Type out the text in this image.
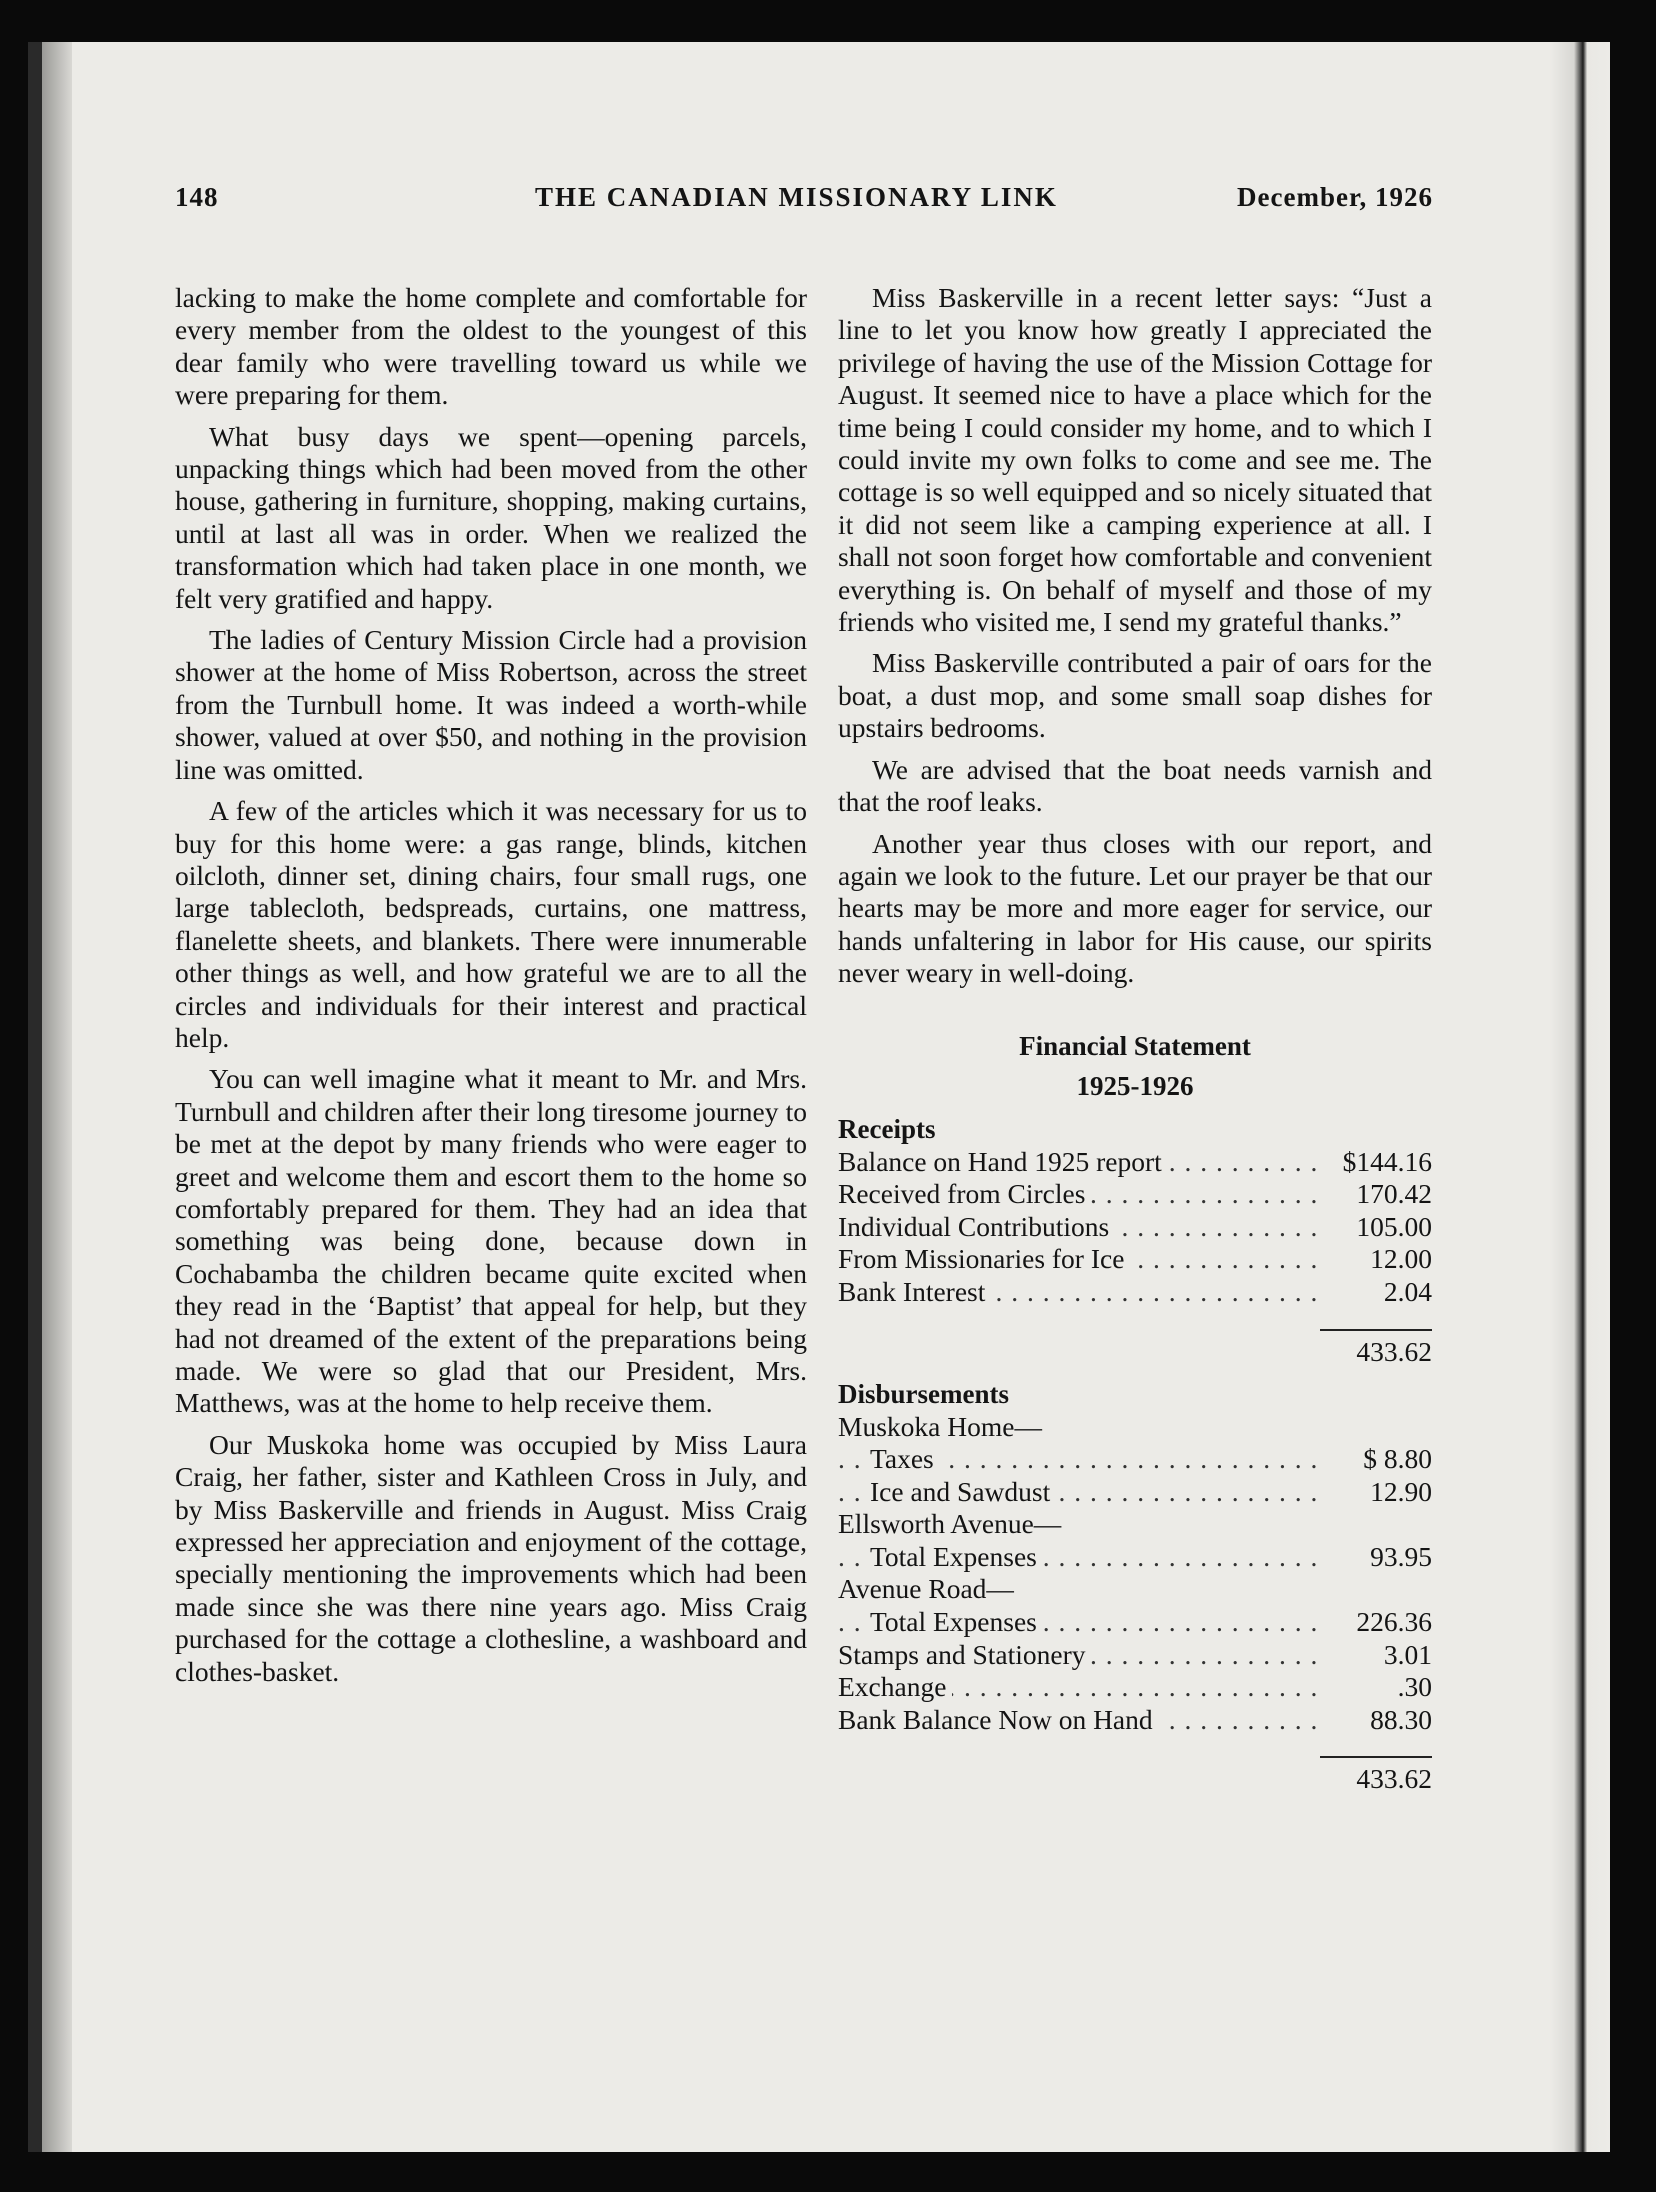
148	THE CANADIAN MISSIONARY LINK	December, 1926

lacking to make the home complete and comfortable for every member from the oldest to the youngest of this dear family who were travelling toward us while we were preparing for them.

What busy days we spent—opening parcels, unpacking things which had been moved from the other house, gathering in furniture, shopping, making curtains, until at last all was in order. When we realized the transformation which had taken place in one month, we felt very gratified and happy.

The ladies of Century Mission Circle had a provision shower at the home of Miss Robertson, across the street from the Turnbull home. It was indeed a worth-while shower, valued at over $50, and nothing in the provision line was omitted.

A few of the articles which it was necessary for us to buy for this home were: a gas range, blinds, kitchen oilcloth, dinner set, dining chairs, four small rugs, one large tablecloth, bedspreads, curtains, one mattress, flanelette sheets, and blankets. There were innumerable other things as well, and how grateful we are to all the circles and individuals for their interest and practical help.

You can well imagine what it meant to Mr. and Mrs. Turnbull and children after their long tiresome journey to be met at the depot by many friends who were eager to greet and welcome them and escort them to the home so comfortably prepared for them. They had an idea that something was being done, because down in Cochabamba the children became quite excited when they read in the ‘Baptist’ that appeal for help, but they had not dreamed of the extent of the preparations being made. We were so glad that our President, Mrs. Matthews, was at the home to help receive them.

Our Muskoka home was occupied by Miss Laura Craig, her father, sister and Kathleen Cross in July, and by Miss Baskerville and friends in August. Miss Craig expressed her appreciation and enjoyment of the cottage, specially mentioning the improvements which had been made since she was there nine years ago. Miss Craig purchased for the cottage a clothesline, a washboard and clothes-basket.

Miss Baskerville in a recent letter says: “Just a line to let you know how greatly I appreciated the privilege of having the use of the Mission Cottage for August. It seemed nice to have a place which for the time being I could consider my home, and to which I could invite my own folks to come and see me. The cottage is so well equipped and so nicely situated that it did not seem like a camping experience at all. I shall not soon forget how comfortable and convenient everything is. On behalf of myself and those of my friends who visited me, I send my grateful thanks.”

Miss Baskerville contributed a pair of oars for the boat, a dust mop, and some small soap dishes for upstairs bedrooms.

We are advised that the boat needs varnish and that the roof leaks.

Another year thus closes with our report, and again we look to the future. Let our prayer be that our hearts may be more and more eager for service, our hands unfaltering in labor for His cause, our spirits never weary in well-doing.

Financial Statement
1925-1926
Receipts
Balance on Hand 1925 report . . .	$144.16
Received from Circles . . .	170.42
Individual Contributions . . .	105.00
From Missionaries for Ice . . .	12.00
Bank Interest . . .	2.04

	433.62
Disbursements
Muskoka Home—	
Taxes . . .	$ 8.80
Ice and Sawdust . . .	12.90
Ellsworth Avenue—	
Total Expenses . . .	93.95
Avenue Road—	
Total Expenses . . .	226.36
Stamps and Stationery . . .	3.01
Exchange . . .	.30
Bank Balance Now on Hand . . .	88.30

	433.62
